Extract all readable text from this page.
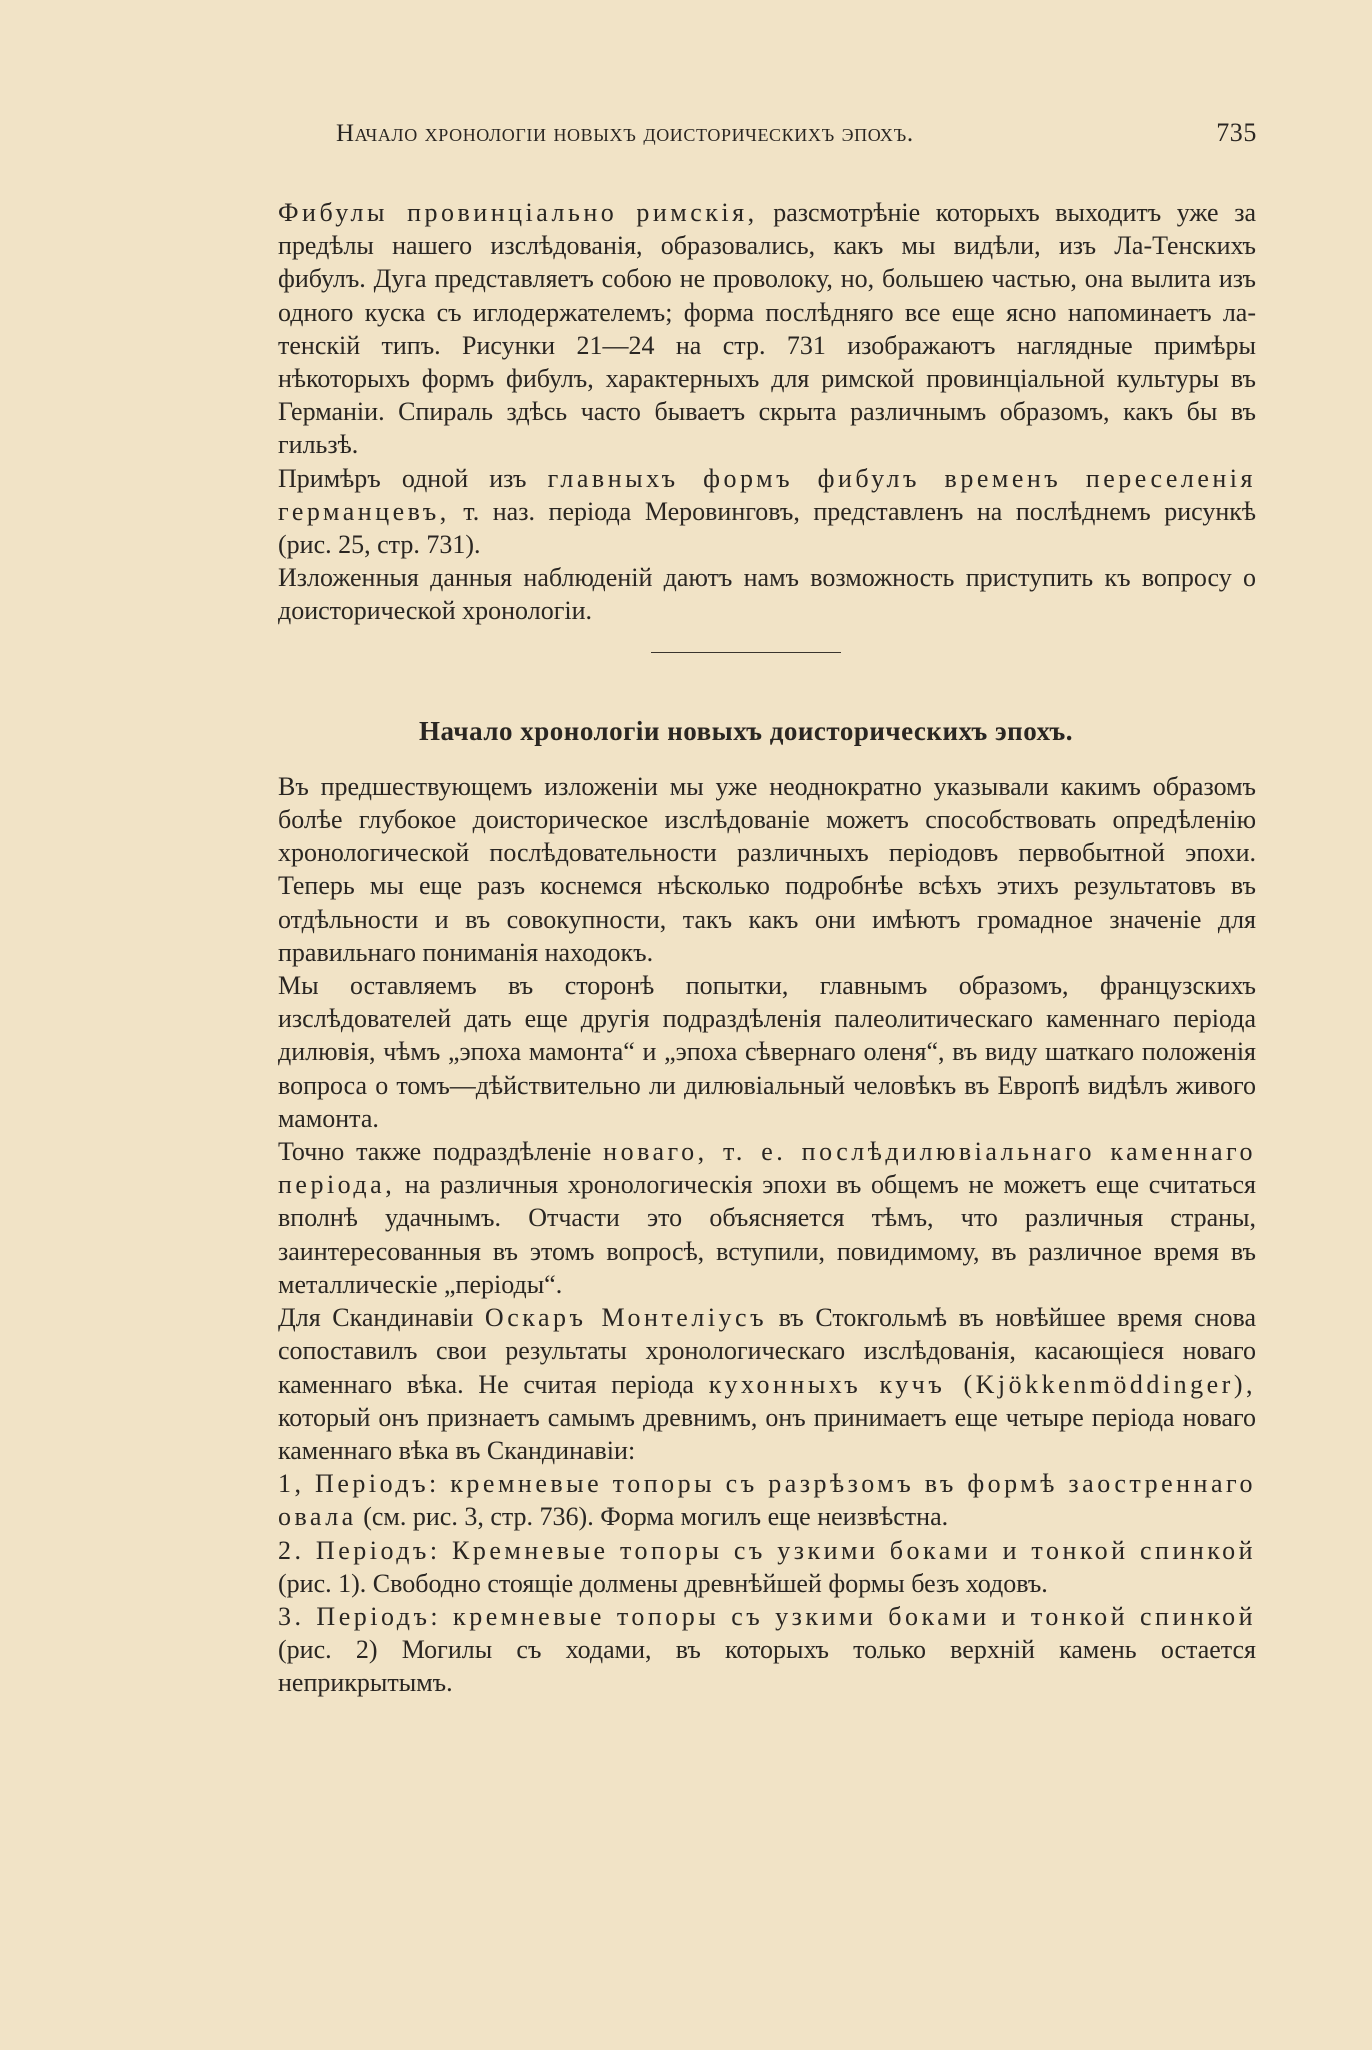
Начало хронологіи новыхъ доисторическихъ эпохъ.	735

Фибулы провинціально римскія, разсмотрѣніе которыхъ выходитъ уже за предѣлы нашего изслѣдованія, образовались, какъ мы видѣли, изъ Ла-Тенскихъ фибулъ. Дуга представляетъ собою не проволоку, но, большею частью, она вылита изъ одного куска съ иглодержателемъ; форма послѣдняго все еще ясно напоминаетъ ла-тенскій типъ. Рисунки 21—24 на стр. 731 изображаютъ наглядные примѣры нѣкоторыхъ формъ фибулъ, характерныхъ для римской провинціальной культуры въ Германіи. Спираль здѣсь часто бываетъ скрыта различнымъ образомъ, какъ бы въ гильзѣ.

Примѣръ одной изъ главныхъ формъ фибулъ временъ переселенія германцевъ, т. наз. періода Меровинговъ, представленъ на послѣднемъ рисункѣ (рис. 25, стр. 731).

Изложенныя данныя наблюденій даютъ намъ возможность приступить къ вопросу о доисторической хронологіи.

Начало хронологіи новыхъ доисторическихъ эпохъ.

Въ предшествующемъ изложеніи мы уже неоднократно указывали какимъ образомъ болѣе глубокое доисторическое изслѣдованіе можетъ способствовать опредѣленію хронологической послѣдовательности различныхъ періодовъ первобытной эпохи. Теперь мы еще разъ коснемся нѣсколько подробнѣе всѣхъ этихъ результатовъ въ отдѣльности и въ совокупности, такъ какъ они имѣютъ громадное значеніе для правильнаго пониманія находокъ.

Мы оставляемъ въ сторонѣ попытки, главнымъ образомъ, французскихъ изслѣдователей дать еще другія подраздѣленія палеолитическаго каменнаго періода дилювія, чѣмъ „эпоха мамонта“ и „эпоха сѣвернаго оленя“, въ виду шаткаго положенія вопроса о томъ—дѣйствительно ли дилювіальный человѣкъ въ Европѣ видѣлъ живого мамонта.

Точно также подраздѣленіе новаго, т. е. послѣдилювіальнаго каменнаго періода, на различныя хронологическія эпохи въ общемъ не можетъ еще считаться вполнѣ удачнымъ. Отчасти это объясняется тѣмъ, что различныя страны, заинтересованныя въ этомъ вопросѣ, вступили, повидимому, въ различное время въ металлическіе „періоды“.

Для Скандинавіи Оскаръ Монтеліусъ въ Стокгольмѣ въ новѣйшее время снова сопоставилъ свои результаты хронологическаго изслѣдованія, касающіеся новаго каменнаго вѣка. Не считая періода кухонныхъ кучъ (Kjökkenmöddinger), который онъ признаетъ самымъ древнимъ, онъ принимаетъ еще четыре періода новаго каменнаго вѣка въ Скандинавіи:

1, Періодъ: кремневые топоры съ разрѣзомъ въ формѣ заостреннаго овала (см. рис. 3, стр. 736). Форма могилъ еще неизвѣстна.

2. Періодъ: Кремневые топоры съ узкими боками и тонкой спинкой (рис. 1). Свободно стоящіе долмены древнѣйшей формы безъ ходовъ.

3. Періодъ: кремневые топоры съ узкими боками и тонкой спинкой (рис. 2) Могилы съ ходами, въ которыхъ только верхній камень остается неприкрытымъ.
